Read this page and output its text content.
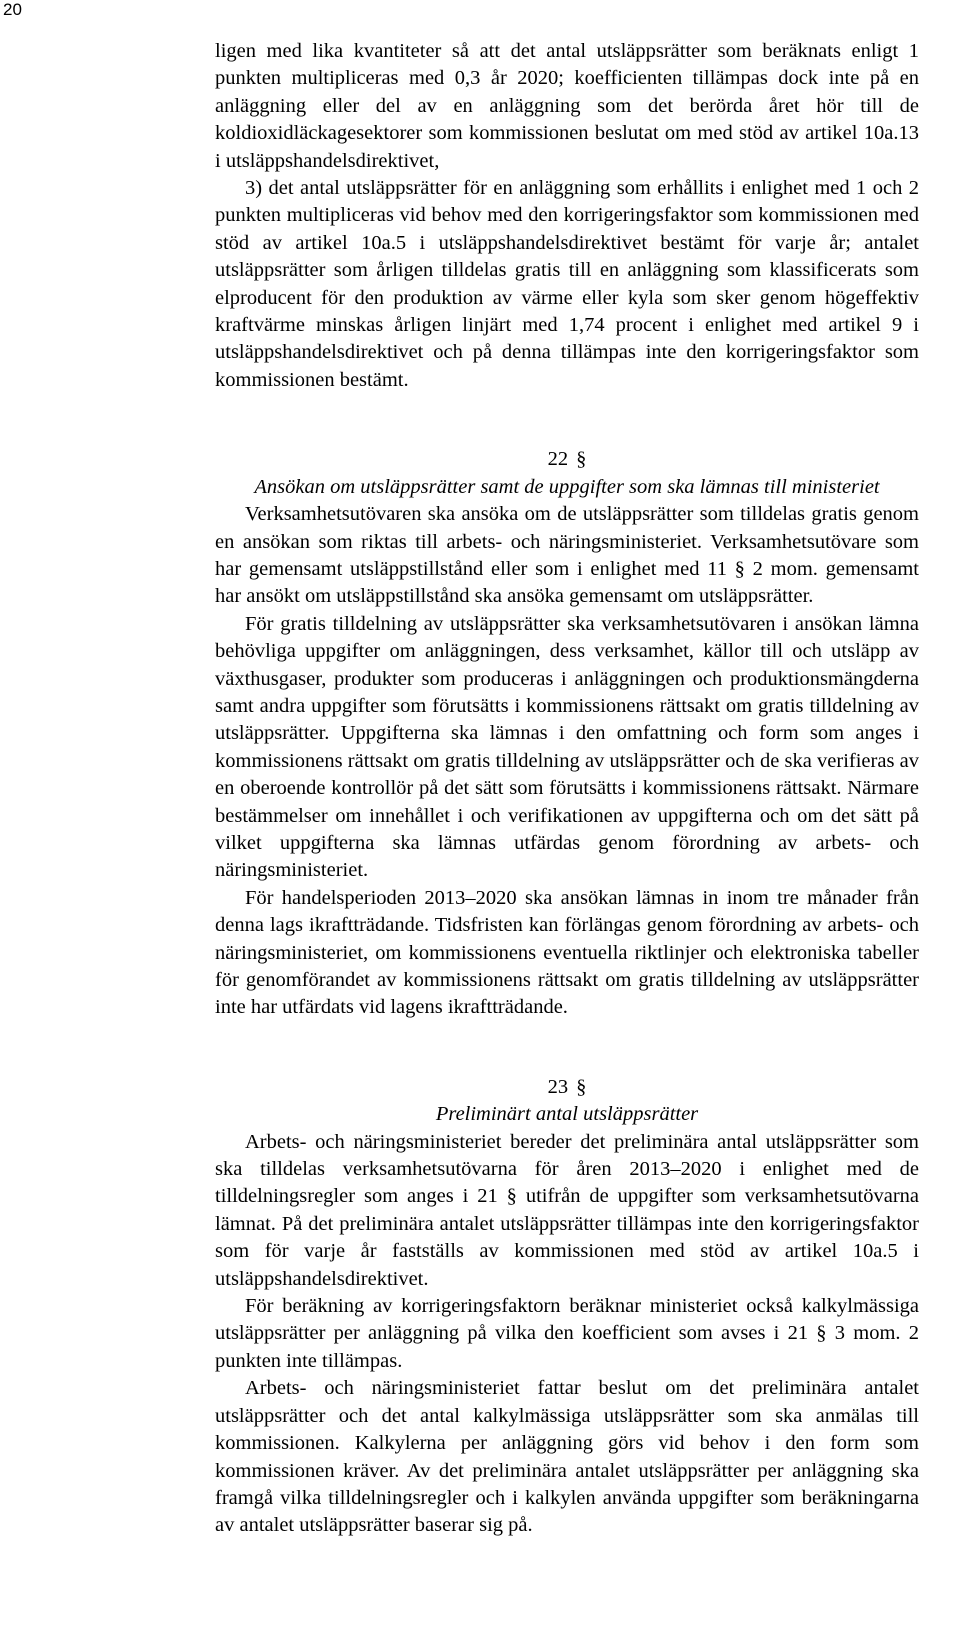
20

ligen med lika kvantiteter så att det antal utsläppsrätter som beräknats enligt 1 punkten multipliceras med 0,3 år 2020; koefficienten tillämpas dock inte på en anläggning eller del av en anläggning som det berörda året hör till de koldioxidläckagesektorer som kommissionen beslutat om med stöd av artikel 10a.13 i utsläppshandelsdirektivet,

3) det antal utsläppsrätter för en anläggning som erhållits i enlighet med 1 och 2 punkten multipliceras vid behov med den korrigeringsfaktor som kommissionen med stöd av artikel 10a.5 i utsläppshandelsdirektivet bestämt för varje år; antalet utsläppsrätter som årligen tilldelas gratis till en anläggning som klassificerats som elproducent för den produktion av värme eller kyla som sker genom högeffektiv kraftvärme minskas årligen linjärt med 1,74 procent i enlighet med artikel 9 i utsläppshandelsdirektivet och på denna tillämpas inte den korrigeringsfaktor som kommissionen bestämt.

22 §

Ansökan om utsläppsrätter samt de uppgifter som ska lämnas till ministeriet

Verksamhetsutövaren ska ansöka om de utsläppsrätter som tilldelas gratis genom en ansökan som riktas till arbets- och näringsministeriet. Verksamhetsutövare som har gemensamt utsläppstillstånd eller som i enlighet med 11 § 2 mom. gemensamt har ansökt om utsläppstillstånd ska ansöka gemensamt om utsläppsrätter.

För gratis tilldelning av utsläppsrätter ska verksamhetsutövaren i ansökan lämna behövliga uppgifter om anläggningen, dess verksamhet, källor till och utsläpp av växthusgaser, produkter som produceras i anläggningen och produktionsmängderna samt andra uppgifter som förutsätts i kommissionens rättsakt om gratis tilldelning av utsläppsrätter. Uppgifterna ska lämnas i den omfattning och form som anges i kommissionens rättsakt om gratis tilldelning av utsläppsrätter och de ska verifieras av en oberoende kontrollör på det sätt som förutsätts i kommissionens rättsakt. Närmare bestämmelser om innehållet i och verifikationen av uppgifterna och om det sätt på vilket uppgifterna ska lämnas utfärdas genom förordning av arbets- och näringsministeriet.

För handelsperioden 2013–2020 ska ansökan lämnas in inom tre månader från denna lags ikraftträdande. Tidsfristen kan förlängas genom förordning av arbets- och näringsministeriet, om kommissionens eventuella riktlinjer och elektroniska tabeller för genomförandet av kommissionens rättsakt om gratis tilldelning av utsläppsrätter inte har utfärdats vid lagens ikraftträdande.

23 §

Preliminärt antal utsläppsrätter

Arbets- och näringsministeriet bereder det preliminära antal utsläppsrätter som ska tilldelas verksamhetsutövarna för åren 2013–2020 i enlighet med de tilldelningsregler som anges i 21 § utifrån de uppgifter som verksamhetsutövarna lämnat. På det preliminära antalet utsläppsrätter tillämpas inte den korrigeringsfaktor som för varje år fastställs av kommissionen med stöd av artikel 10a.5 i utsläppshandelsdirektivet.

För beräkning av korrigeringsfaktorn beräknar ministeriet också kalkylmässiga utsläppsrätter per anläggning på vilka den koefficient som avses i 21 § 3 mom. 2 punkten inte tillämpas.

Arbets- och näringsministeriet fattar beslut om det preliminära antalet utsläppsrätter och det antal kalkylmässiga utsläppsrätter som ska anmälas till kommissionen. Kalkylerna per anläggning görs vid behov i den form som kommissionen kräver. Av det preliminära antalet utsläppsrätter per anläggning ska framgå vilka tilldelningsregler och i kalkylen använda uppgifter som beräkningarna av antalet utsläppsrätter baserar sig på.
